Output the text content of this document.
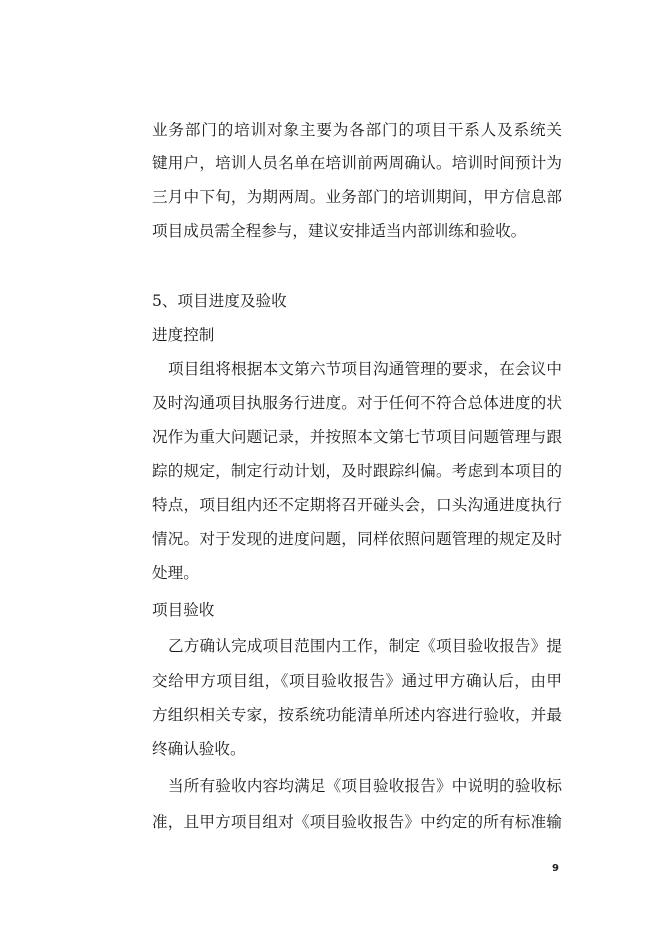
业务部门的培训对象主要为各部门的项目干系人及系统关
键用户，培训人员名单在培训前两周确认。培训时间预计为
三月中下旬，为期两周。业务部门的培训期间，甲方信息部
项目成员需全程参与，建议安排适当内部训练和验收。
5、项目进度及验收
进度控制
项目组将根据本文第六节项目沟通管理的要求，在会议中
及时沟通项目执服务行进度。对于任何不符合总体进度的状
况作为重大问题记录，并按照本文第七节项目问题管理与跟
踪的规定，制定行动计划，及时跟踪纠偏。考虑到本项目的
特点，项目组内还不定期将召开碰头会，口头沟通进度执行
情况。对于发现的进度问题，同样依照问题管理的规定及时
处理。
项目验收
乙方确认完成项目范围内工作，制定《项目验收报告》提
交给甲方项目组，《项目验收报告》通过甲方确认后，由甲
方组织相关专家，按系统功能清单所述内容进行验收，并最
终确认验收。
当所有验收内容均满足《项目验收报告》中说明的验收标
准，且甲方项目组对《项目验收报告》中约定的所有标准输
9
